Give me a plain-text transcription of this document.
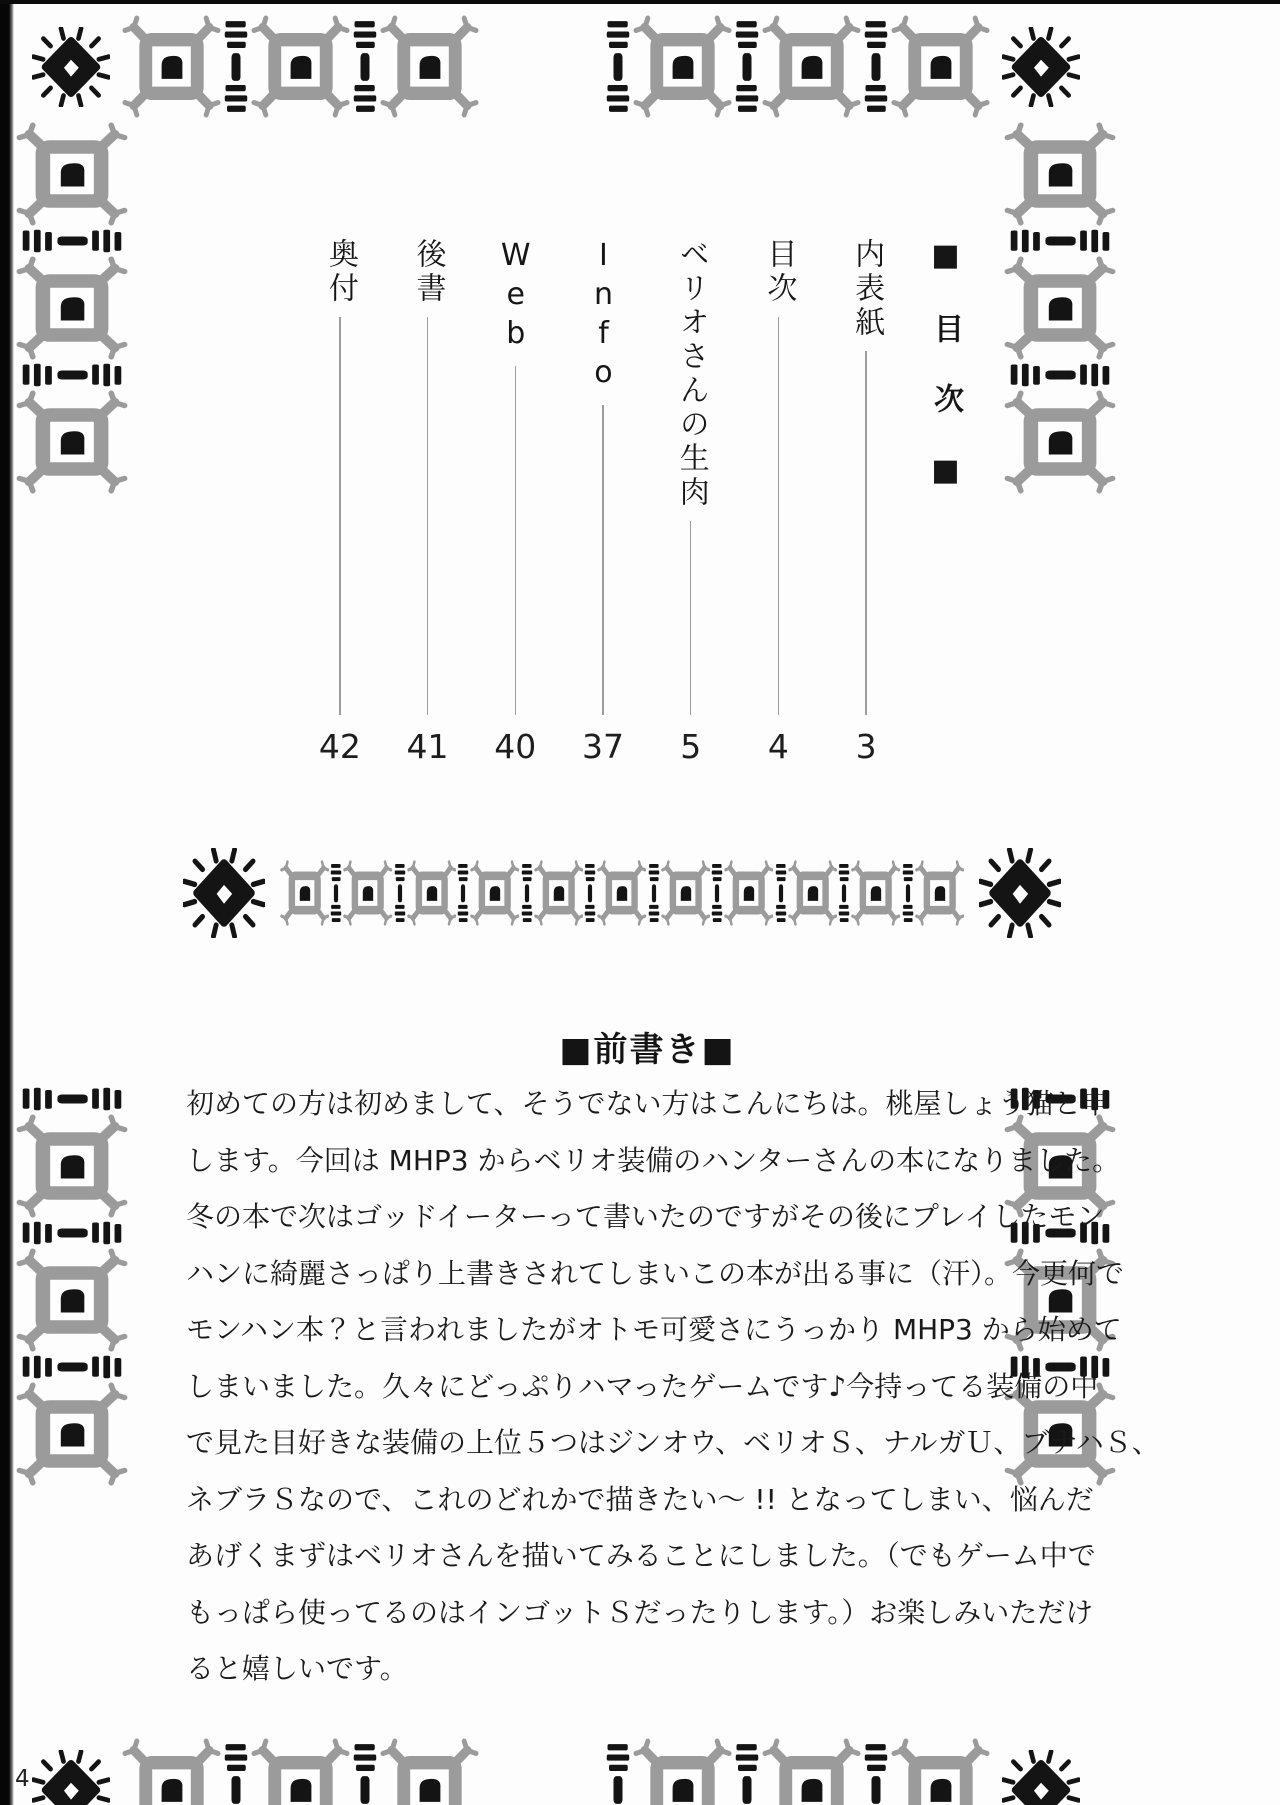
■　目　次　■
内表紙
3
目次
4
ベリオさんの生肉
5
Info
37
Web
40
後書
41
奥付
42
■前書き■
初めての方は初めまして、そうでない方はこんにちは。桃屋しょう猫と申
します。今回は MHP3 からベリオ装備のハンターさんの本になりました。
冬の本で次はゴッドイーターって書いたのですがその後にプレイしたモン
ハンに綺麗さっぱり上書きされてしまいこの本が出る事に（汗）。今更何で
モンハン本？と言われましたがオトモ可愛さにうっかり MHP3 から始めて
しまいました。久々にどっぷりハマったゲームです♪今持ってる装備の中
で見た目好きな装備の上位５つはジンオウ、ベリオＳ、ナルガＵ、ブナハＳ、
ネブラＳなので、これのどれかで描きたい～ !! となってしまい、悩んだ
あげくまずはベリオさんを描いてみることにしました。（でもゲーム中で
もっぱら使ってるのはインゴットＳだったりします。）お楽しみいただけ
ると嬉しいです。
4
